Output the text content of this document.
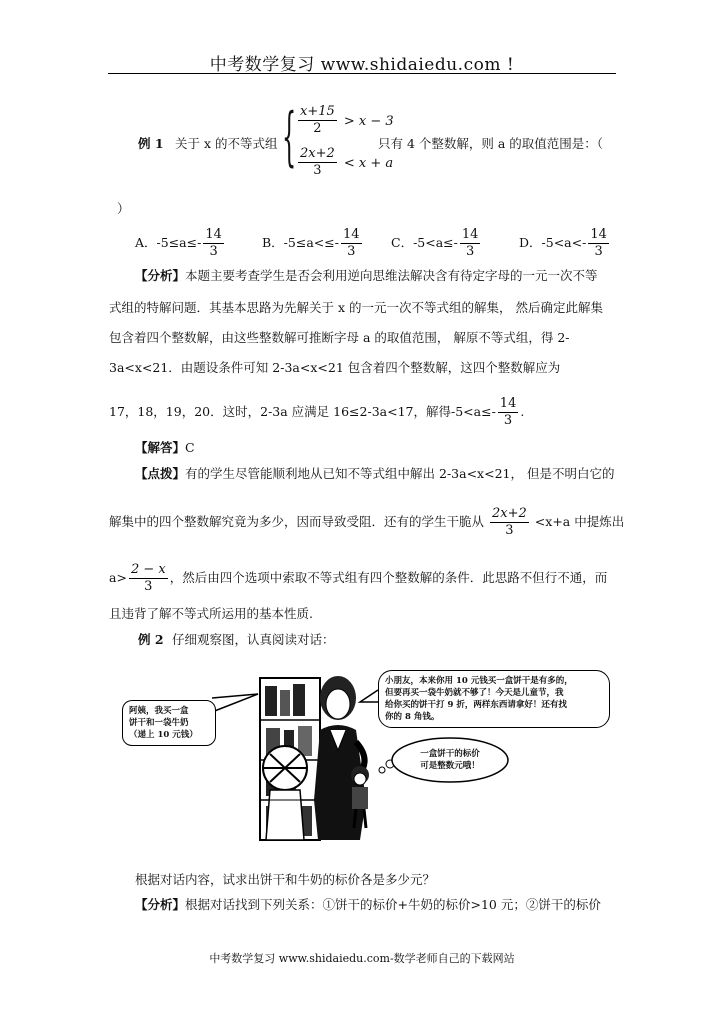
中考数学复习 www.shidaiedu.com !
例 1 关于 x 的不等式组 { $\frac{x+15}{2} > x - 3$
$\frac{2x+2}{3} < x + a$
只有 4 个整数解，则 a 的取值范围是：（
）
A．$-5\le a\le- \frac{14}{3}$	B．$-5\le a<\le- \frac{14}{3}$ C．$-5<a\le- \frac{14}{3}$	D．$-5<a<- \frac{14}{3}$
【分析】本题主要考查学生是否会利用逆向思维法解决含有待定字母的一元一次不等
式组的特解问题．其基本思路为先解关于 x 的一元一次不等式组的解集， 然后确定此解集
包含着四个整数解，由这些整数解可推断字母 a 的取值范围， 解原不等式组，得 2-
3a<x<21．由题设条件可知 2-3a<x<21 包含着四个整数解，这四个整数解应为
17，18，19，20．这时，2-3a 应满足 16≤2-3a<17，解得$-5<a\le- \frac{14}{3}$ .
【解答】C
【点拨】有的学生尽管能顺利地从已知不等式组中解出 2-3a<x<21， 但是不明白它的
解集中的四个整数解究竟为多少，因而导致受阻．还有的学生干脆从 $\frac{2x+2}{3} <x+a$ 中提炼出
$a> \frac{2 - x}{3}$ ，然后由四个选项中索取不等式组有四个整数解的条件．此思路不但行不通，而
且违背了解不等式所运用的基本性质.
例 2 仔细观察图，认真阅读对话：
阿姨，我买一盒
饼干和一袋牛奶
（递上 10 元钱）
小朋友，本来你用 10 元钱买一盒饼干是有多的，
但要再买一袋牛奶就不够了！今天是儿童节，我
给你买的饼干打 9 折，两样东西请拿好！还有找
你的 8 角钱。
一盒饼干的标价
可是整数元哦！
根据对话内容，试求出饼干和牛奶的标价各是多少元？
【分析】根据对话找到下列关系：①饼干的标价+牛奶的标价>10 元；②饼干的标价
中考数学复习 www.shidaiedu.com-数学老师自己的下载网站
